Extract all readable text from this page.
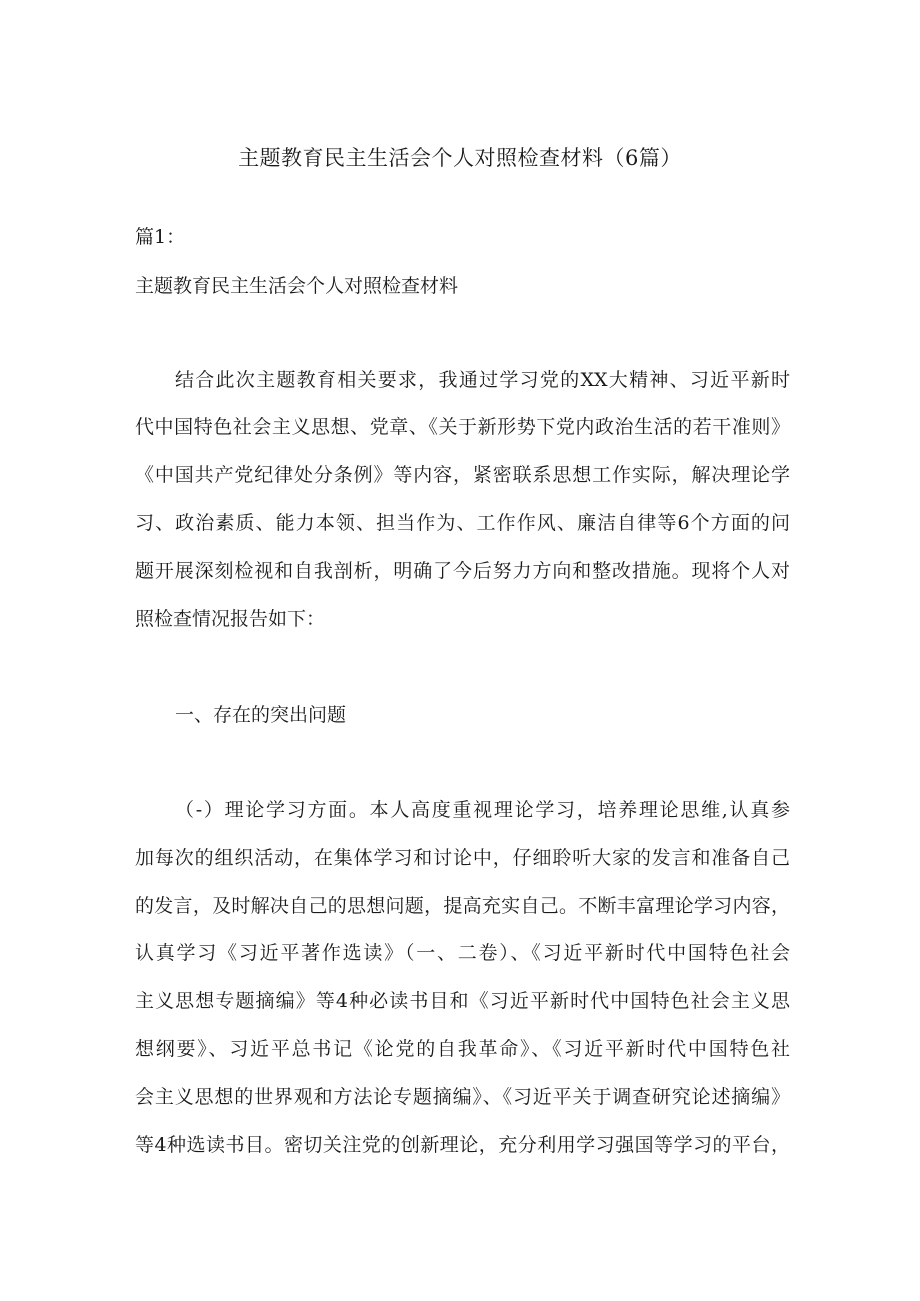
主题教育民主生活会个人对照检查材料（6篇）
篇1：
主题教育民主生活会个人对照检查材料
结合此次主题教育相关要求，我通过学习党的XX大精神、习近平新时
代中国特色社会主义思想、党章、《关于新形势下党内政治生活的若干准则》
《中国共产党纪律处分条例》等内容，紧密联系思想工作实际，解决理论学
习、政治素质、能力本领、担当作为、工作作风、廉洁自律等6个方面的问
题开展深刻检视和自我剖析，明确了今后努力方向和整改措施。现将个人对
照检查情况报告如下：
一、存在的突出问题
（-）理论学习方面。本人高度重视理论学习，培养理论思维,认真参
加每次的组织活动，在集体学习和讨论中，仔细聆听大家的发言和准备自己
的发言，及时解决自己的思想问题，提高充实自己。不断丰富理论学习内容，
认真学习《习近平著作选读》（一、二卷）、《习近平新时代中国特色社会
主义思想专题摘编》等4种必读书目和《习近平新时代中国特色社会主义思
想纲要》、习近平总书记《论党的自我革命》、《习近平新时代中国特色社
会主义思想的世界观和方法论专题摘编》、《习近平关于调查研究论述摘编》
等4种选读书目。密切关注党的创新理论，充分利用学习强国等学习的平台，
